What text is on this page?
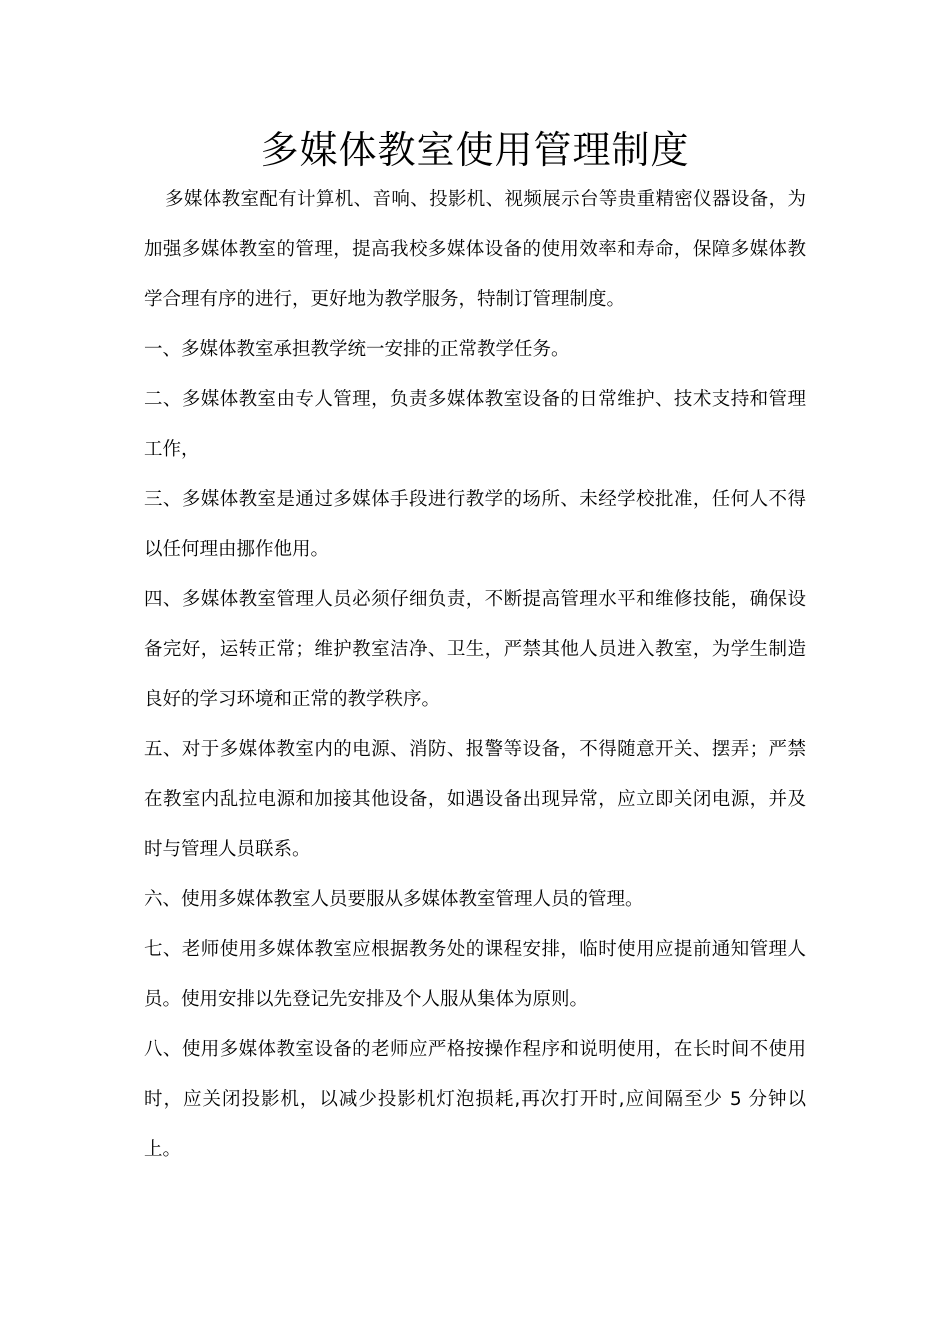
多媒体教室使用管理制度

多媒体教室配有计算机、音响、投影机、视频展示台等贵重精密仪器设备，为加强多媒体教室的管理，提高我校多媒体设备的使用效率和寿命，保障多媒体教学合理有序的进行，更好地为教学服务，特制订管理制度。

一、多媒体教室承担教学统一安排的正常教学任务。

二、多媒体教室由专人管理，负责多媒体教室设备的日常维护、技术支持和管理工作，

三、多媒体教室是通过多媒体手段进行教学的场所、未经学校批准，任何人不得以任何理由挪作他用。

四、多媒体教室管理人员必须仔细负责，不断提高管理水平和维修技能，确保设备完好，运转正常；维护教室洁净、卫生，严禁其他人员进入教室，为学生制造良好的学习环境和正常的教学秩序。

五、对于多媒体教室内的电源、消防、报警等设备，不得随意开关、摆弄；严禁在教室内乱拉电源和加接其他设备，如遇设备出现异常，应立即关闭电源，并及时与管理人员联系。

六、使用多媒体教室人员要服从多媒体教室管理人员的管理。

七、老师使用多媒体教室应根据教务处的课程安排，临时使用应提前通知管理人员。使用安排以先登记先安排及个人服从集体为原则。

八、使用多媒体教室设备的老师应严格按操作程序和说明使用，在长时间不使用时，应关闭投影机，以减少投影机灯泡损耗,再次打开时,应间隔至少 5 分钟以上。
